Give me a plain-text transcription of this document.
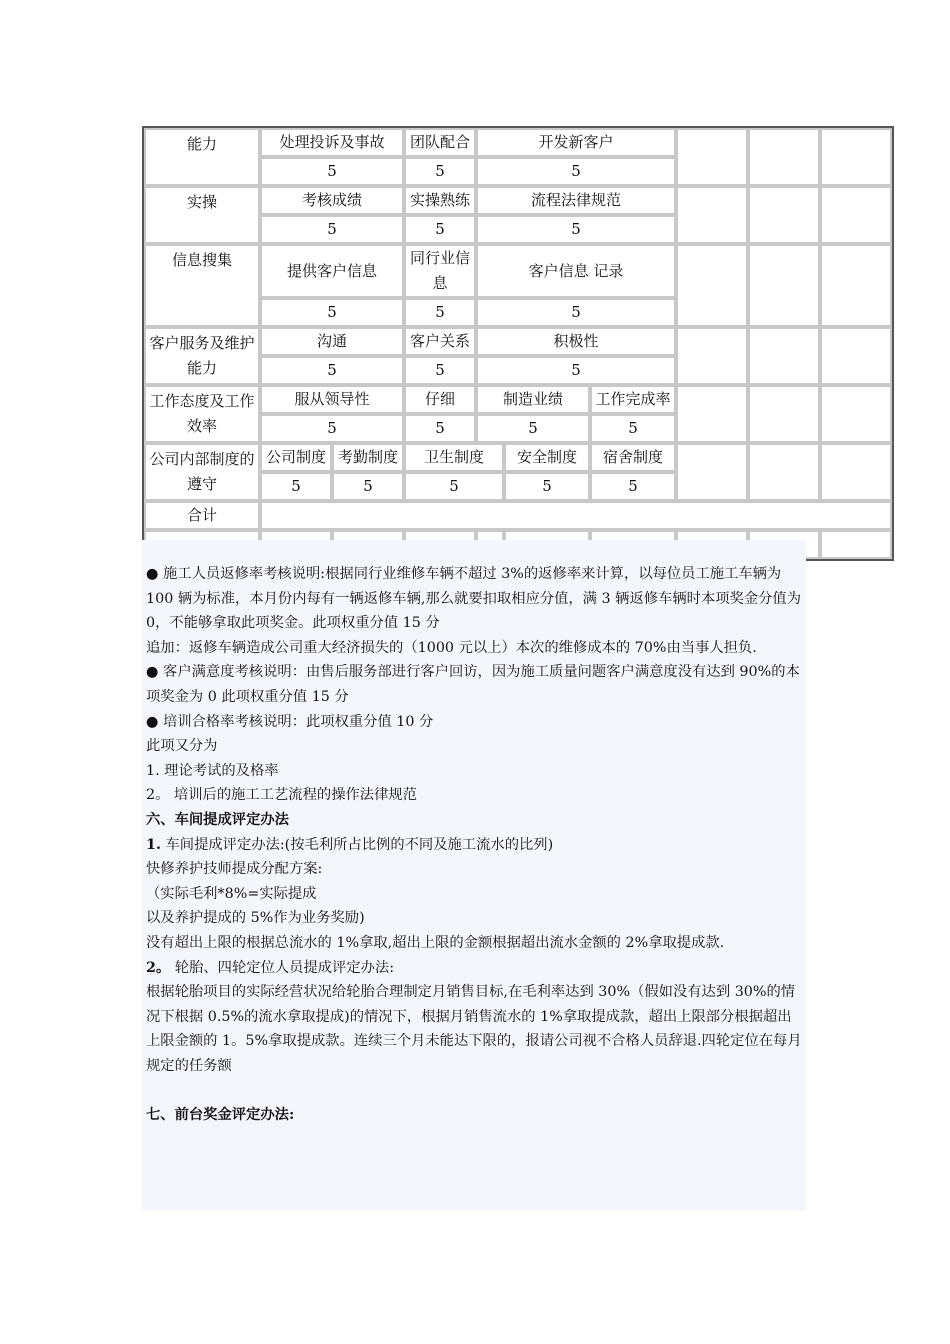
能力	处理投诉及事故		团队配合	开发新客户					
	5		5	5					
实操	考核成绩		实操熟练	流程法律规范					
	5		5	5					
信息搜集	提供客户信息		同行业信息	客户信息 记录					
	5		5	5					
客户服务及维护能力	沟通		客户关系	积极性					
	5		5	5					
工作态度及工作效率	服从领导性		仔细	制造业绩		工作完成率			
	5		5	5		5			
公司内部制度的遵守	公司制度	考勤制度	卫生制度		安全制度	宿舍制度			
	5	5	5		5	5			
合计									

● 施工人员返修率考核说明:根据同行业维修车辆不超过 3%的返修率来计算，以每位员工施工车辆为 100 辆为标准，本月份内每有一辆返修车辆,那么就要扣取相应分值，满 3 辆返修车辆时本项奖金分值为 0，不能够拿取此项奖金。此项权重分值 15 分

追加：返修车辆造成公司重大经济损失的（1000 元以上）本次的维修成本的 70%由当事人担负.

● 客户满意度考核说明：由售后服务部进行客户回访，因为施工质量问题客户满意度没有达到 90%的本项奖金为 0 此项权重分值 15 分

● 培训合格率考核说明：此项权重分值 10 分

此项又分为

1. 理论考试的及格率

2。 培训后的施工工艺流程的操作法律规范

六、车间提成评定办法

1. 车间提成评定办法:(按毛利所占比例的不同及施工流水的比列)

快修养护技师提成分配方案:

（实际毛利*8%=实际提成

以及养护提成的 5%作为业务奖励)

没有超出上限的根据总流水的 1%拿取,超出上限的金额根据超出流水金额的 2%拿取提成款.

2。 轮胎、四轮定位人员提成评定办法:

根据轮胎项目的实际经营状况给轮胎合理制定月销售目标,在毛利率达到 30%（假如没有达到 30%的情况下根据 0.5%的流水拿取提成)的情况下，根据月销售流水的 1%拿取提成款，超出上限部分根据超出上限金额的 1。5%拿取提成款。连续三个月未能达下限的，报请公司视不合格人员辞退.四轮定位在每月规定的任务额

七、前台奖金评定办法:
